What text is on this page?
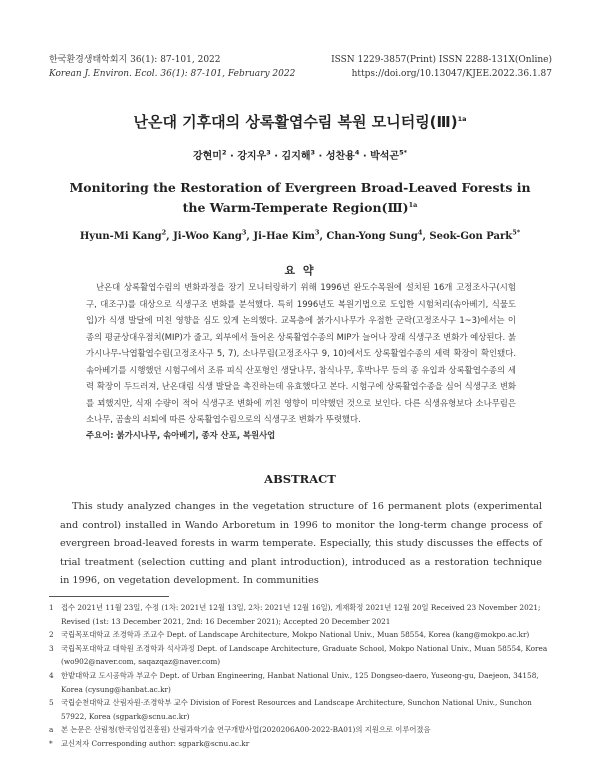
한국환경생태학회지 36(1): 87-101, 2022
Korean J. Environ. Ecol. 36(1): 87-101, February 2022
ISSN 1229-3857(Print) ISSN 2288-131X(Online)
https://doi.org/10.13047/KJEE.2022.36.1.87
난온대 기후대의 상록활엽수림 복원 모니터링(Ⅲ)$^{1a}$
강현미$^2$ · 강지우$^3$ · 김지해$^3$ · 성찬용$^4$ · 박석곤$^{5*}$
Monitoring the Restoration of Evergreen Broad-Leaved Forests in the Warm-Temperate Region(Ⅲ)$^{1a}$
Hyun-Mi Kang$^2$, Ji-Woo Kang$^3$, Ji-Hae Kim$^3$, Chan-Yong Sung$^4$, Seok-Gon Park$^{5*}$
요 약

난온대 상록활엽수림의 변화과정을 장기 모니터링하기 위해 1996년 완도수목원에 설치된 16개 고정조사구(시험구, 대조구)를 대상으로 식생구조 변화를 분석했다. 특히 1996년도 복원기법으로 도입한 시험처리(솎아베기, 식물도입)가 식생 발달에 미친 영향을 심도 있게 논의했다. 교목층에 붉가시나무가 우점한 군락(고정조사구 1~3)에서는 이 종의 평균상대우점치(MIP)가 줄고, 외부에서 들어온 상록활엽수종의 MIP가 늘어나 장래 식생구조 변화가 예상된다. 붉가시나무-낙엽활엽수림(고정조사구 5, 7), 소나무림(고정조사구 9, 10)에서도 상록활엽수종의 세력 확장이 확인됐다. 솎아베기를 시행했던 시험구에서 조류 피식 산포형인 생달나무, 참식나무, 후박나무 등의 종 유입과 상록활엽수종의 세력 확장이 두드러져, 난온대림 식생 발달을 촉진하는데 유효했다고 본다. 시험구에 상록활엽수종을 심어 식생구조 변화를 꾀했지만, 식재 수량이 적어 식생구조 변화에 끼친 영향이 미약했던 것으로 보인다. 다른 식생유형보다 소나무림은 소나무, 곰솔의 쇠퇴에 따른 상록활엽수림으로의 식생구조 변화가 뚜렷했다.

주요어: 붉가시나무, 솎아베기, 종자 산포, 복원사업
ABSTRACT

This study analyzed changes in the vegetation structure of 16 permanent plots (experimental and control) installed in Wando Arboretum in 1996 to monitor the long-term change process of evergreen broad-leaved forests in warm temperate. Especially, this study discusses the effects of trial treatment (selection cutting and plant introduction), introduced as a restoration technique in 1996, on vegetation development. In communities

1 접수 2021년 11월 23일, 수정 (1차: 2021년 12월 13일, 2차: 2021년 12월 16일), 게재확정 2021년 12월 20일 Received 23 November 2021; Revised (1st: 13 December 2021, 2nd: 16 December 2021); Accepted 20 December 2021
2 국립목포대학교 조경학과 조교수 Dept. of Landscape Architecture, Mokpo National Univ., Muan 58554, Korea (kang@mokpo.ac.kr)
3 국립목포대학교 대학원 조경학과 석사과정 Dept. of Landscape Architecture, Graduate School, Mokpo National Univ., Muan 58554, Korea (wo902@naver.com, saqazqaz@naver.com)
4 한밭대학교 도시공학과 부교수 Dept. of Urban Engineering, Hanbat National Univ., 125 Dongseo-daero, Yuseong-gu, Daejeon, 34158, Korea (cysung@hanbat.ac.kr)
5 국립순천대학교 산림자원·조경학부 교수 Division of Forest Resources and Landscape Architecture, Sunchon National Univ., Sunchon 57922, Korea (sgpark@scnu.ac.kr)
a 본 논문은 산림청(한국임업진흥원) 산림과학기술 연구개발사업(2020206A00-2022-BA01)의 지원으로 이루어졌음
* 교신저자 Corresponding author: sgpark@scnu.ac.kr
